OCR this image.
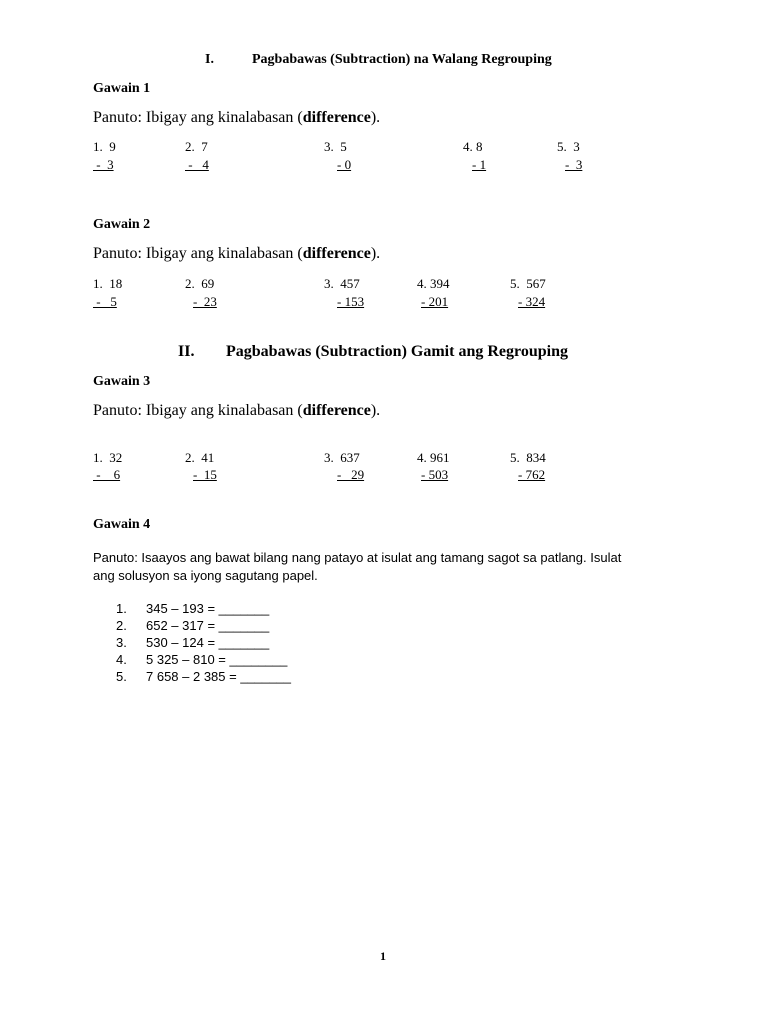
I.	Pagbabawas (Subtraction) na Walang Regrouping
Gawain 1
Panuto: Ibigay ang kinalabasan (difference).
1.  9
-  3
2.  7
-   4
3.  5
- 0
4. 8
- 1
5.  3
-  3
Gawain 2
Panuto: Ibigay ang kinalabasan (difference).
1.  18
-   5
2.  69
-  23
3.  457
- 153
4. 394
- 201
5.  567
- 324
II. Pagbabawas (Subtraction) Gamit ang Regrouping
Gawain 3
Panuto: Ibigay ang kinalabasan (difference).
1.  32
-    6
2.  41
-  15
3.  637
-   29
4. 961
- 503
5.  834
- 762
Gawain 4
Panuto: Isaayos ang bawat bilang nang patayo at isulat ang tamang sagot sa patlang. Isulat
ang solusyon sa iyong sagutang papel.
1. 345 – 193 = _______
2. 652 – 317 = _______
3. 530 – 124 = _______
4. 5 325 – 810 = ________
5. 7 658 – 2 385 = _______
1
